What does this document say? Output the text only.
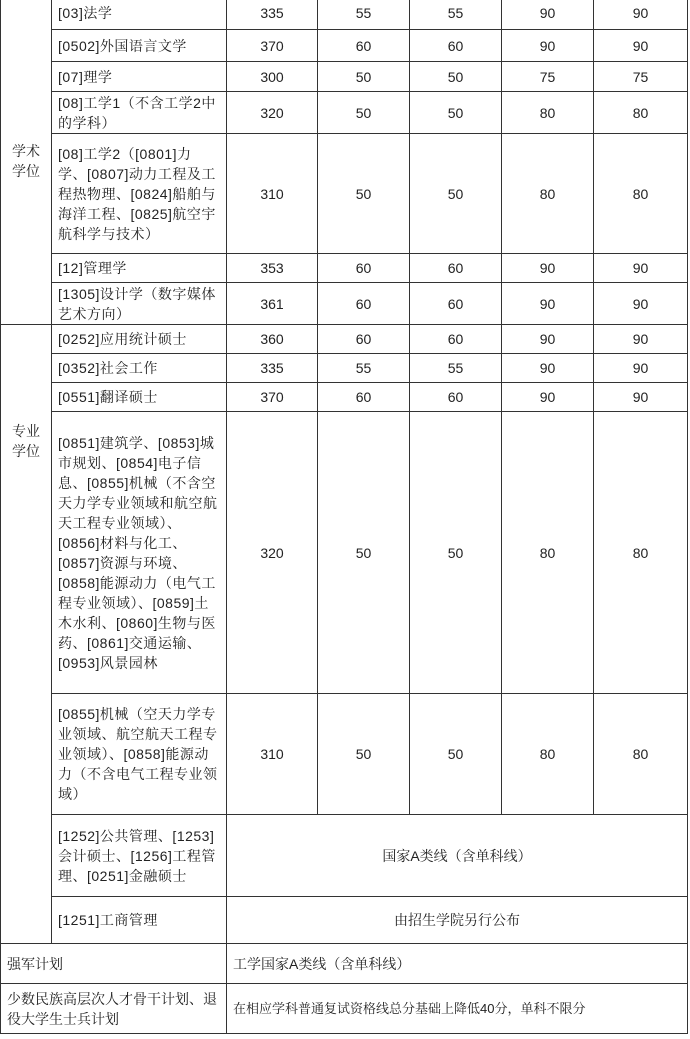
学术学位	[03]法学	335	55	55	90	90
	[0502]外国语言文学	370	60	60	90	90
	[07]理学	300	50	50	75	75
	[08]工学1（不含工学2中的学科）	320	50	50	80	80
	[08]工学2（[0801]力学、[0807]动力工程及工程热物理、[0824]船舶与海洋工程、[0825]航空宇航科学与技术）	310	50	50	80	80
	[12]管理学	353	60	60	90	90
	[1305]设计学（数字媒体艺术方向）	361	60	60	90	90
专业学位	[0252]应用统计硕士	360	60	60	90	90
	[0352]社会工作	335	55	55	90	90
	[0551]翻译硕士	370	60	60	90	90
	[0851]建筑学、[0853]城市规划、[0854]电子信息、[0855]机械（不含空天力学专业领域和航空航天工程专业领域）、[0856]材料与化工、[0857]资源与环境、[0858]能源动力（电气工程专业领域）、[0859]土木水利、[0860]生物与医药、[0861]交通运输、[0953]风景园林	320	50	50	80	80
	[0855]机械（空天力学专业领域、航空航天工程专业领域）、[0858]能源动力（不含电气工程专业领域）	310	50	50	80	80
	[1252]公共管理、[1253]会计硕士、[1256]工程管理、[0251]金融硕士	国家A类线（含单科线）				
	[1251]工商管理	由招生学院另行公布				
强军计划		工学国家A类线（含单科线）				
少数民族高层次人才骨干计划、退役大学生士兵计划		在相应学科普通复试资格线总分基础上降低40分，单科不限分				
